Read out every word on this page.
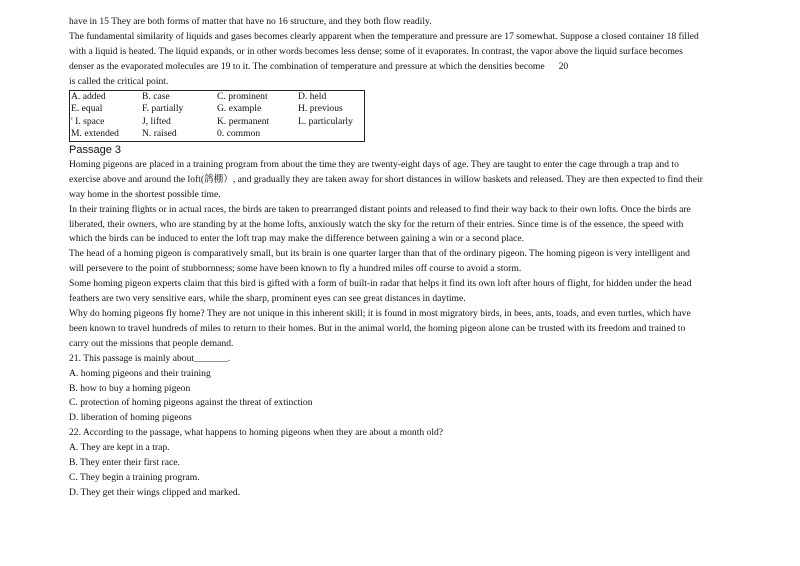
have in 15 They are both forms of matter that have no 16 structure, and they both flow readily.
The fundamental similarity of liquids and gases becomes clearly apparent when the temperature and pressure are 17 somewhat. Suppose a closed container 18 filled
with a liquid is heated. The liquid expands, or in other words becomes less dense; some of it evaporates. In contrast, the vapor above the liquid surface becomes
denser as the evaporated molecules are 19 to it. The combination of temperature and pressure at which the densities become 20
is called the critical point.
A. added	B. case	C. prominent	D. held
E. equal	F. partially	G. example	H. previous
' I. space	J, lifted	K. permanent	L. particularly
M. extended	N. raised	0. common	
Passage 3
Homing pigeons are placed in a training program from about the time they are twenty-eight days of age. They are taught to enter the cage through a trap and to
exercise above and around the loft(鸽棚）, and gradually they are taken away for short distances in willow baskets and released. They are then expected to find their
way home in the shortest possible time.
In their training flights or in actual races, the birds are taken to prearranged distant points and released to find their way back to their own lofts. Once the birds are
liberated, their owners, who are standing by at the home lofts, anxiously watch the sky for the return of their entries. Since time is of the essence, the speed with
which the birds can be induced to enter the loft trap may make the difference between gaining a win or a second place.
The head of a homing pigeon is comparatively small, but its brain is one quarter larger than that of the ordinary pigeon. The homing pigeon is very intelligent and
will persevere to the point of stubbornness; some have been known to fly a hundred miles off course to avoid a storm.
Some homing pigeon experts claim that this bird is gifted with a form of built-in radar that helps it find its own loft after hours of flight, for hidden under the head
feathers are two very sensitive ears, while the sharp, prominent eyes can see great distances in daytime.
Why do homing pigeons fly home? They are not unique in this inherent skill; it is found in most migratory birds, in bees, ants, toads, and even turtles, which have
been known to travel hundreds of miles to return to their homes. But in the animal world, the homing pigeon alone can be trusted with its freedom and trained to
carry out the missions that people demand.
21. This passage is mainly about_______.
A. homing pigeons and their training
B. how to buy a homing pigeon
C. protection of homing pigeons against the threat of extinction
D. liberation of homing pigeons
22. According to the passage, what happens to homing pigeons when they are about a month old?
A. They are kept in a trap.
B. They enter their first race.
C. They begin a training program.
D. They get their wings clipped and marked.
